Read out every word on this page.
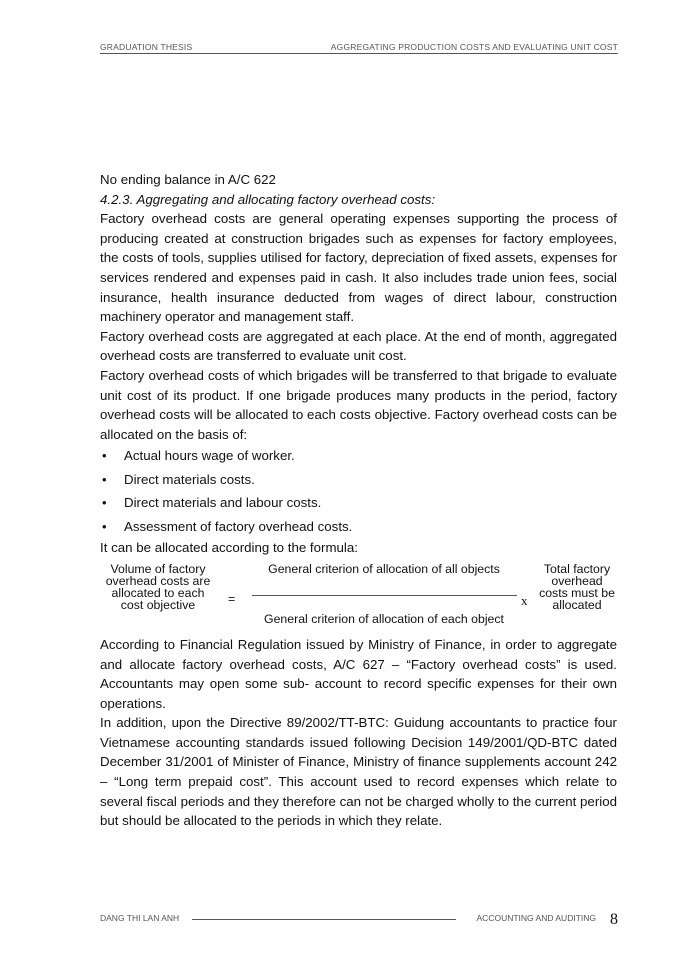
GRADUATION THESIS	AGGREGATING PRODUCTION COSTS AND EVALUATING UNIT COST

No ending balance in A/C 622

4.2.3. Aggregating and allocating factory overhead costs:

Factory overhead costs are general operating expenses supporting the process of producing created at construction brigades such as expenses for factory employees, the costs of tools, supplies utilised for factory, depreciation of fixed assets, expenses for services rendered and expenses paid in cash. It also includes trade union fees, social insurance, health insurance deducted from wages of direct labour, construction machinery operator and management staff.

Factory overhead costs are aggregated at each place. At the end of month, aggregated overhead costs are transferred to evaluate unit cost.

Factory overhead costs of which brigades will be transferred to that brigade to evaluate unit cost of its product. If one brigade produces many products in the period, factory overhead costs will be allocated to each costs objective. Factory overhead costs can be allocated on the basis of:

• Actual hours wage of worker.
• Direct materials costs.
• Direct materials and labour costs.
• Assessment of factory overhead costs.

It can be allocated according to the formula:

Volume of factory overhead costs are allocated to each cost objective	=
General criterion of allocation of all objects
General criterion of allocation of each object
x
Total factory overhead costs must be allocated

According to Financial Regulation issued by Ministry of Finance, in order to aggregate and allocate factory overhead costs, A/C 627 – “Factory overhead costs” is used. Accountants may open some sub- account to record specific expenses for their own operations.

In addition, upon the Directive 89/2002/TT-BTC: Guidung accountants to practice four Vietnamese accounting standards issued following Decision 149/2001/QD-BTC dated December 31/2001 of Minister of Finance, Ministry of finance supplements account 242 – “Long term prepaid cost”. This account used to record expenses which relate to several fiscal periods and they therefore can not be charged wholly to the current period but should be allocated to the periods in which they relate.

DANG THI LAN ANH	ACCOUNTING AND AUDITING 8
